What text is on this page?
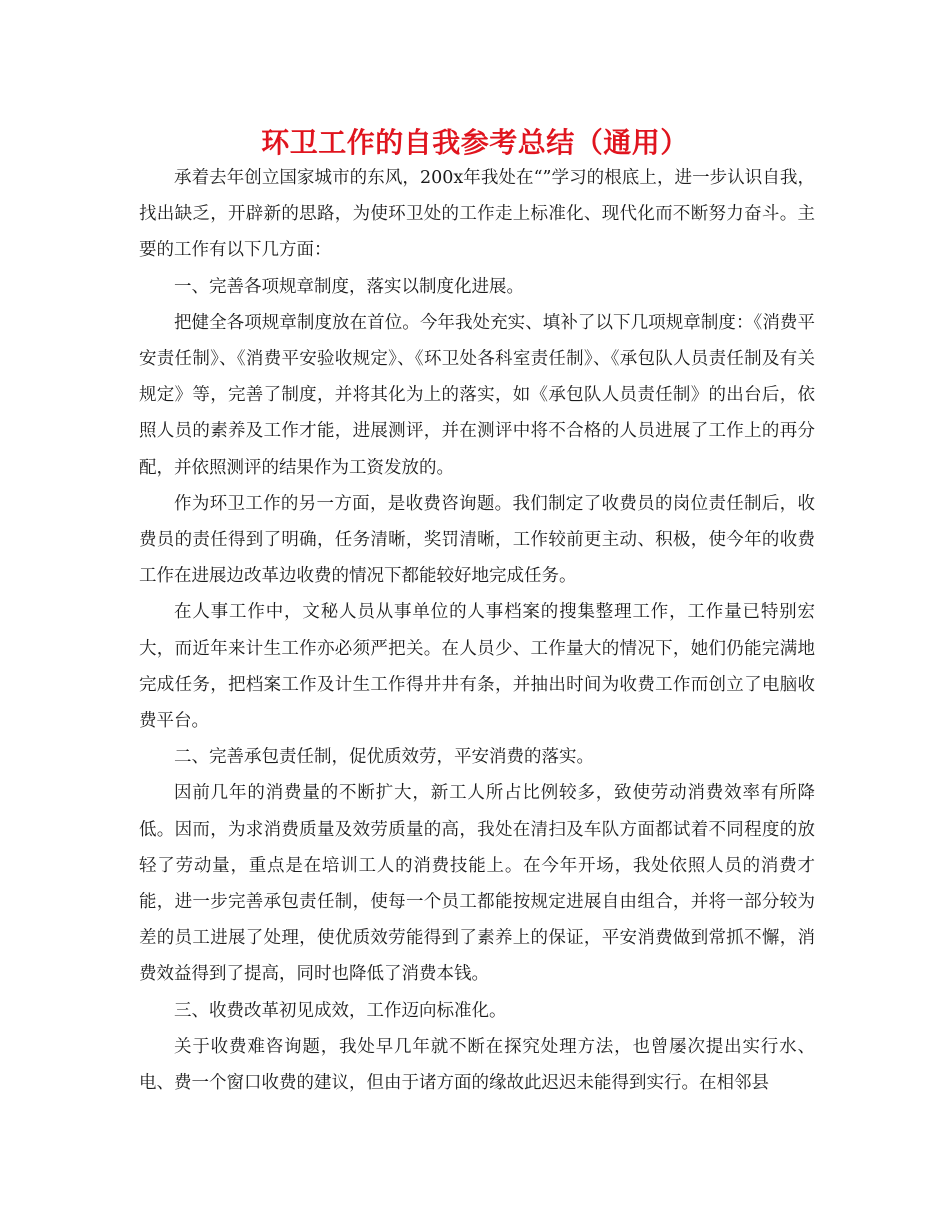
环卫工作的自我参考总结（通用）

承着去年创立国家城市的东风，200x年我处在“”学习的根底上，进一步认识自我，找出缺乏，开辟新的思路，为使环卫处的工作走上标准化、现代化而不断努力奋斗。主要的工作有以下几方面：

一、完善各项规章制度，落实以制度化进展。

把健全各项规章制度放在首位。今年我处充实、填补了以下几项规章制度：《消费平安责任制》、《消费平安验收规定》、《环卫处各科室责任制》、《承包队人员责任制及有关规定》等，完善了制度，并将其化为上的落实，如《承包队人员责任制》的出台后，依照人员的素养及工作才能，进展测评，并在测评中将不合格的人员进展了工作上的再分配，并依照测评的结果作为工资发放的。

作为环卫工作的另一方面，是收费咨询题。我们制定了收费员的岗位责任制后，收费员的责任得到了明确，任务清晰，奖罚清晰，工作较前更主动、积极，使今年的收费工作在进展边改革边收费的情况下都能较好地完成任务。

在人事工作中，文秘人员从事单位的人事档案的搜集整理工作，工作量已特别宏大，而近年来计生工作亦必须严把关。在人员少、工作量大的情况下，她们仍能完满地完成任务，把档案工作及计生工作得井井有条，并抽出时间为收费工作而创立了电脑收费平台。

二、完善承包责任制，促优质效劳，平安消费的落实。

因前几年的消费量的不断扩大，新工人所占比例较多，致使劳动消费效率有所降低。因而，为求消费质量及效劳质量的高，我处在清扫及车队方面都试着不同程度的放轻了劳动量，重点是在培训工人的消费技能上。在今年开场，我处依照人员的消费才能，进一步完善承包责任制，使每一个员工都能按规定进展自由组合，并将一部分较为差的员工进展了处理，使优质效劳能得到了素养上的保证，平安消费做到常抓不懈，消费效益得到了提高，同时也降低了消费本钱。

三、收费改革初见成效，工作迈向标准化。

关于收费难咨询题，我处早几年就不断在探究处理方法，也曾屡次提出实行水、电、费一个窗口收费的建议，但由于诸方面的缘故此迟迟未能得到实行。在相邻县
